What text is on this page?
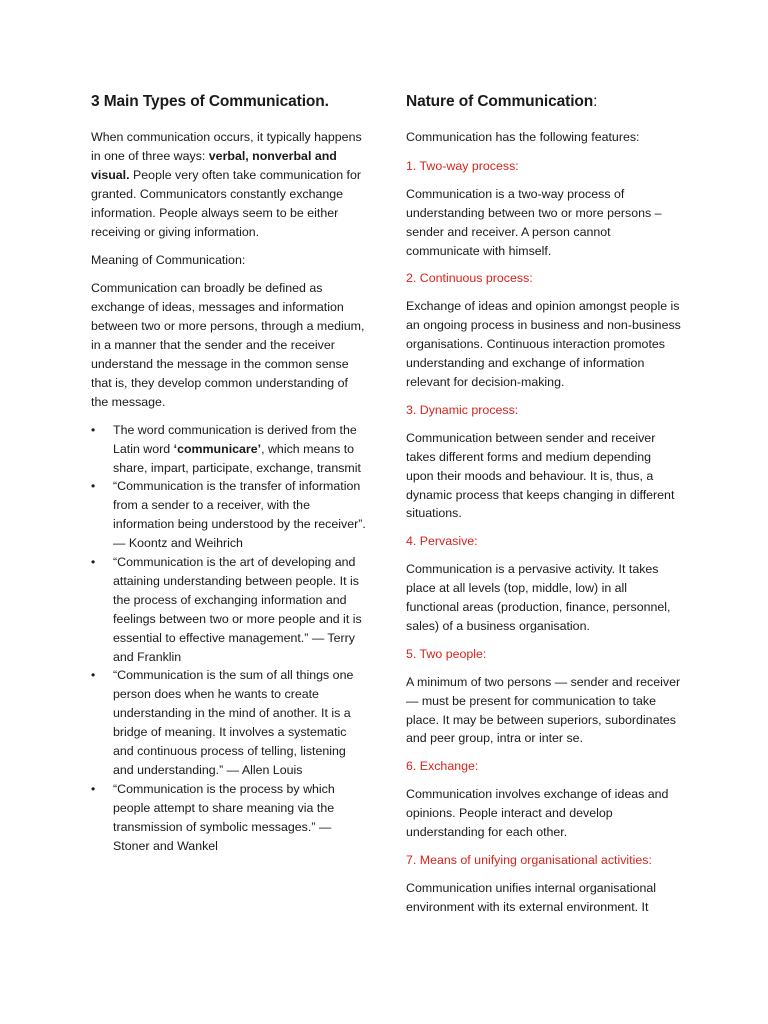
3 Main Types of Communication.

When communication occurs, it typically happens in one of three ways: verbal, nonverbal and visual. People very often take communication for granted. Communicators constantly exchange information. People always seem to be either receiving or giving information.

Meaning of Communication:

Communication can broadly be defined as exchange of ideas, messages and information between two or more persons, through a medium, in a manner that the sender and the receiver understand the message in the common sense that is, they develop common understanding of the message.

• The word communication is derived from the Latin word ‘communicare’, which means to share, impart, participate, exchange, transmit
• “Communication is the transfer of information from a sender to a receiver, with the information being understood by the receiver”. — Koontz and Weihrich
• “Communication is the art of developing and attaining understanding between people. It is the process of exchanging information and feelings between two or more people and it is essential to effective management.” — Terry and Franklin
• “Communication is the sum of all things one person does when he wants to create understanding in the mind of another. It is a bridge of meaning. It involves a systematic and continuous process of telling, listening and understanding.” — Allen Louis
• “Communication is the process by which people attempt to share meaning via the transmission of symbolic messages.” — Stoner and Wankel
Nature of Communication:

Communication has the following features:

1. Two-way process:

Communication is a two-way process of understanding between two or more persons – sender and receiver. A person cannot communicate with himself.

2. Continuous process:

Exchange of ideas and opinion amongst people is an ongoing process in business and non-business organisations. Continuous interaction promotes understanding and exchange of information relevant for decision-making.

3. Dynamic process:

Communication between sender and receiver takes different forms and medium depending upon their moods and behaviour. It is, thus, a dynamic process that keeps changing in different situations.

4. Pervasive:

Communication is a pervasive activity. It takes place at all levels (top, middle, low) in all functional areas (production, finance, personnel, sales) of a business organisation.

5. Two people:

A minimum of two persons — sender and receiver — must be present for communication to take place. It may be between superiors, subordinates and peer group, intra or inter se.

6. Exchange:

Communication involves exchange of ideas and opinions. People interact and develop understanding for each other.

7. Means of unifying organisational activities:

Communication unifies internal organisational environment with its external environment. It
